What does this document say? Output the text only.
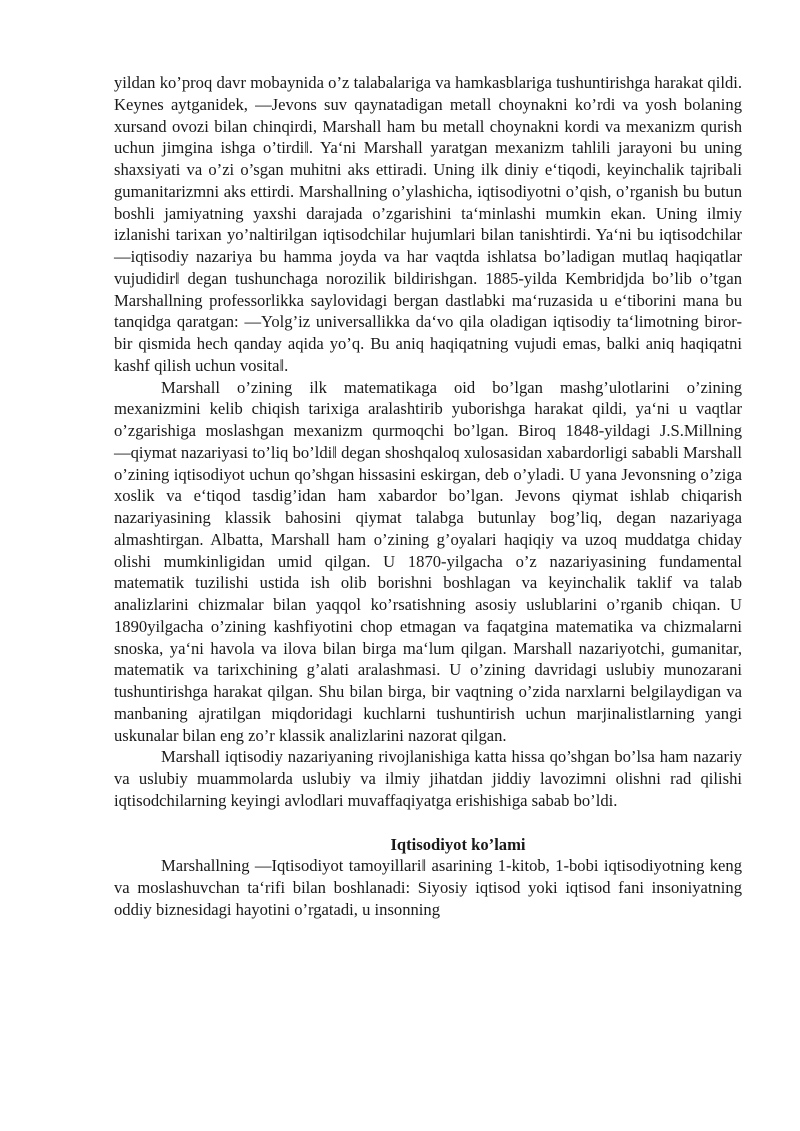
yildan ko’proq davr mobaynida o’z talabalariga va hamkasblariga tushuntirishga harakat qildi. Keynes aytganidek, ―Jevons suv qaynatadigan metall choynakni ko’rdi va yosh bolaning xursand ovozi bilan chinqirdi, Marshall ham bu metall choynakni kordi va mexanizm qurish uchun jimgina ishga o’tirdi‖. Ya‘ni Marshall yaratgan mexanizm tahlili jarayoni bu uning shaxsiyati va o’zi o’sgan muhitni aks ettiradi. Uning ilk diniy e‘tiqodi, keyinchalik tajribali gumanitarizmni aks ettirdi. Marshallning o’ylashicha, iqtisodiyotni o’qish, o’rganish bu butun boshli jamiyatning yaxshi darajada o’zgarishini ta‘minlashi mumkin ekan. Uning ilmiy izlanishi tarixan yo’naltirilgan iqtisodchilar hujumlari bilan tanishtirdi. Ya‘ni bu iqtisodchilar ―iqtisodiy nazariya bu hamma joyda va har vaqtda ishlatsa bo’ladigan mutlaq haqiqatlar vujudidir‖ degan tushunchaga norozilik bildirishgan. 1885-yilda Kembridjda bo’lib o’tgan Marshallning professorlikka saylovidagi bergan dastlabki ma‘ruzasida u e‘tiborini mana bu tanqidga qaratgan: ―Yolg’iz universallikka da‘vo qila oladigan iqtisodiy ta‘limotning biror-bir qismida hech qanday aqida yo’q. Bu aniq haqiqatning vujudi emas, balki aniq haqiqatni kashf qilish uchun vosita‖.

Marshall o’zining ilk matematikaga oid bo’lgan mashg’ulotlarini o’zining mexanizmini kelib chiqish tarixiga aralashtirib yuborishga harakat qildi, ya‘ni u vaqtlar o’zgarishiga moslashgan mexanizm qurmoqchi bo’lgan. Biroq 1848-yildagi J.S.Millning ―qiymat nazariyasi to’liq bo’ldi‖ degan shoshqaloq xulosasidan xabardorligi sababli Marshall o’zining iqtisodiyot uchun qo’shgan hissasini eskirgan, deb o’yladi. U yana Jevonsning o’ziga xoslik va e‘tiqod tasdig’idan ham xabardor bo’lgan. Jevons qiymat ishlab chiqarish nazariyasining klassik bahosini qiymat talabga butunlay bog’liq, degan nazariyaga almashtirgan. Albatta, Marshall ham o’zining g’oyalari haqiqiy va uzoq muddatga chiday olishi mumkinligidan umid qilgan. U 1870-yilgacha o’z nazariyasining fundamental matematik tuzilishi ustida ish olib borishni boshlagan va keyinchalik taklif va talab analizlarini chizmalar bilan yaqqol ko’rsatishning asosiy uslublarini o’rganib chiqan. U 1890yilgacha o’zining kashfiyotini chop etmagan va faqatgina matematika va chizmalarni snoska, ya‘ni havola va ilova bilan birga ma‘lum qilgan. Marshall nazariyotchi, gumanitar, matematik va tarixchining g’alati aralashmasi. U o’zining davridagi uslubiy munozarani tushuntirishga harakat qilgan. Shu bilan birga, bir vaqtning o’zida narxlarni belgilaydigan va manbaning ajratilgan miqdoridagi kuchlarni tushuntirish uchun marjinalistlarning yangi uskunalar bilan eng zo’r klassik analizlarini nazorat qilgan.

Marshall iqtisodiy nazariyaning rivojlanishiga katta hissa qo’shgan bo’lsa ham nazariy va uslubiy muammolarda uslubiy va ilmiy jihatdan jiddiy lavozimni olishni rad qilishi iqtisodchilarning keyingi avlodlari muvaffaqiyatga erishishiga sabab bo’ldi.

Iqtisodiyot ko’lami

Marshallning ―Iqtisodiyot tamoyillari‖ asarining 1-kitob, 1-bobi iqtisodiyotning keng va moslashuvchan ta‘rifi bilan boshlanadi: Siyosiy iqtisod yoki iqtisod fani insoniyatning oddiy biznesidagi hayotini o’rgatadi, u insonning
